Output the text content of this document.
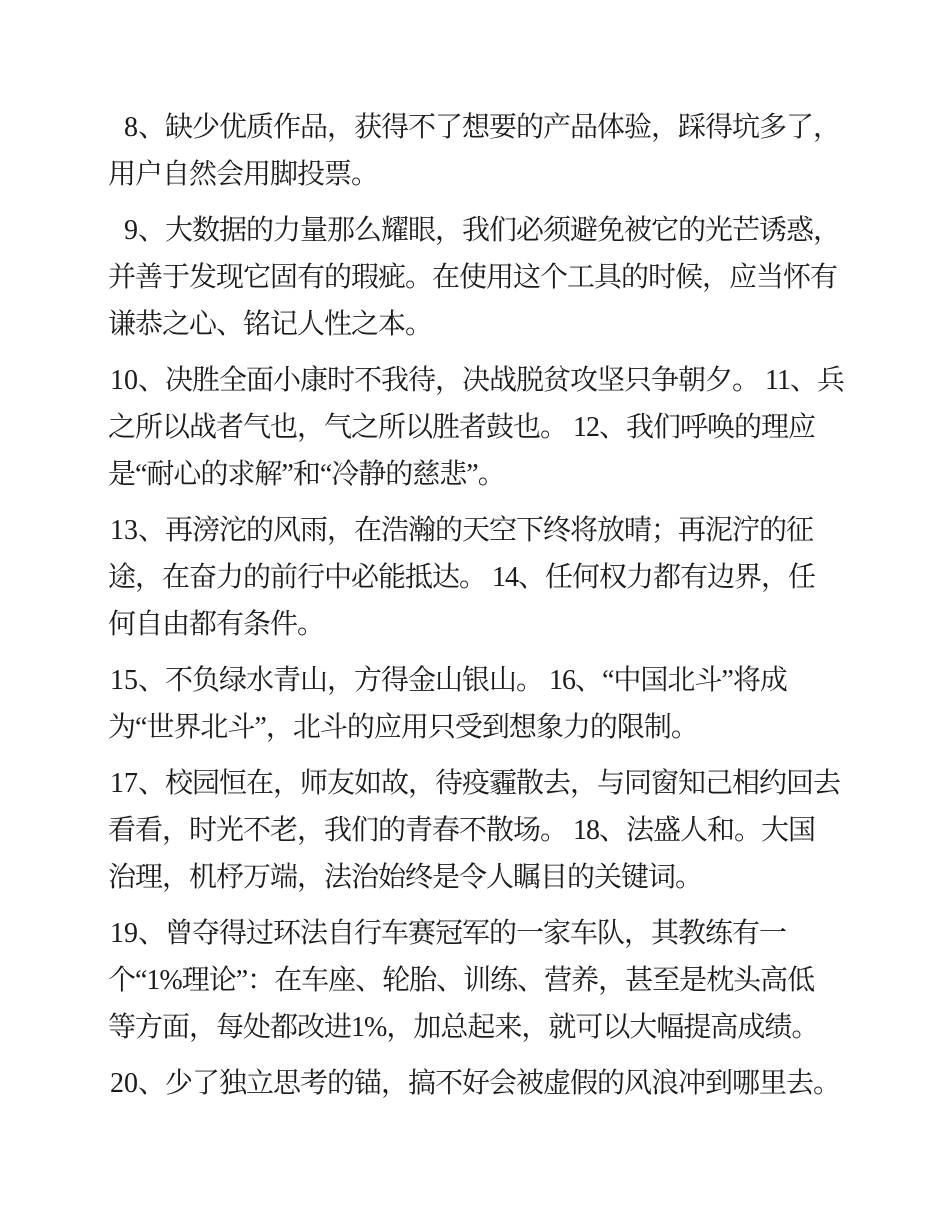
8、缺少优质作品，获得不了想要的产品体验，踩得坑多了，
用户自然会用脚投票。
9、大数据的力量那么耀眼，我们必须避免被它的光芒诱惑，
并善于发现它固有的瑕疵。在使用这个工具的时候，应当怀有
谦恭之心、铭记人性之本。
10、决胜全面小康时不我待，决战脱贫攻坚只争朝夕。 11、兵
之所以战者气也，气之所以胜者鼓也。 12、我们呼唤的理应
是“耐心的求解”和“冷静的慈悲”。
13、再滂沱的风雨，在浩瀚的天空下终将放晴；再泥泞的征
途，在奋力的前行中必能抵达。 14、任何权力都有边界，任
何自由都有条件。
15、不负绿水青山，方得金山银山。 16、“中国北斗”将成
为“世界北斗”，北斗的应用只受到想象力的限制。
17、校园恒在，师友如故，待疫霾散去，与同窗知己相约回去
看看，时光不老，我们的青春不散场。 18、法盛人和。大国
治理，机杼万端，法治始终是令人瞩目的关键词。
19、曾夺得过环法自行车赛冠军的一家车队，其教练有一
个“1%理论”：在车座、轮胎、训练、营养，甚至是枕头高低
等方面，每处都改进1%，加总起来，就可以大幅提高成绩。
20、少了独立思考的锚，搞不好会被虚假的风浪冲到哪里去。
